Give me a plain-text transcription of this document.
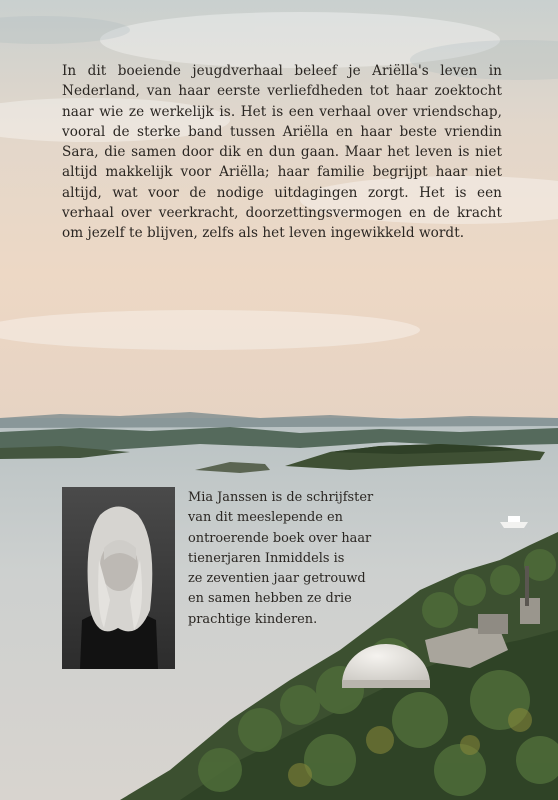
In dit boeiende jeugdverhaal beleef je Ariëlla's leven in Nederland, van haar eerste verliefdheden tot haar zoektocht naar wie ze werkelijk is. Het is een verhaal over vriendschap, vooral de sterke band tussen Ariëlla en haar beste vriendin Sara, die samen door dik en dun gaan. Maar het leven is niet altijd makkelijk voor Ariëlla; haar familie begrijpt haar niet altijd, wat voor de nodige uitdagingen zorgt. Het is een verhaal over veerkracht, doorzettingsvermogen en de kracht om jezelf te blijven, zelfs als het leven ingewikkeld wordt.
Mia Janssen is de schrijfster
van dit meeslepende en
ontroerende boek over haar
tienerjaren Inmiddels is
ze zeventien jaar getrouwd
en samen hebben ze drie
prachtige kinderen.
